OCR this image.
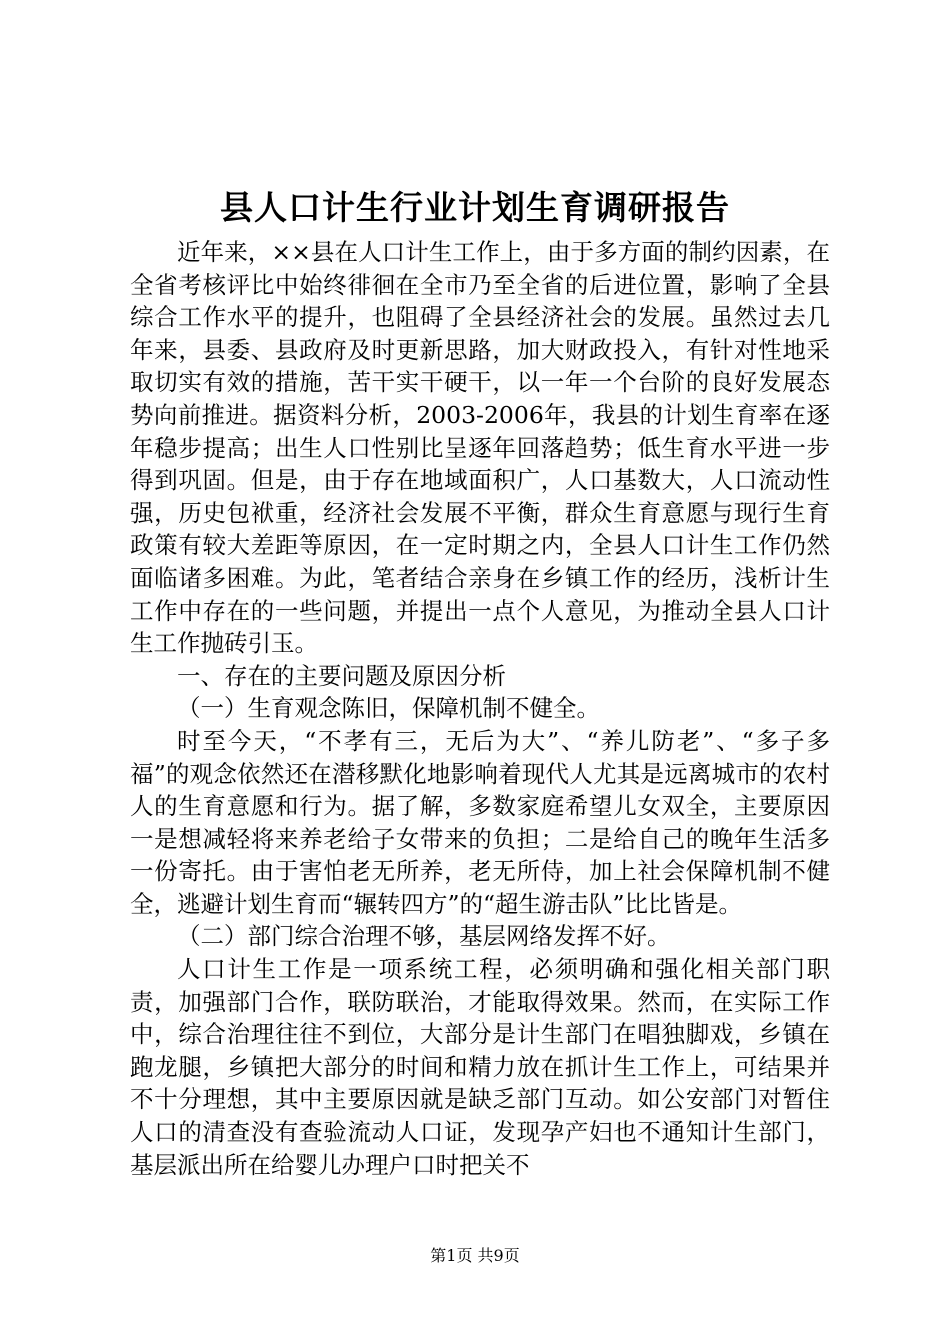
县人口计生行业计划生育调研报告

近年来，××县在人口计生工作上，由于多方面的制约因素，在全省考核评比中始终徘徊在全市乃至全省的后进位置，影响了全县综合工作水平的提升，也阻碍了全县经济社会的发展。虽然过去几年来，县委、县政府及时更新思路，加大财政投入，有针对性地采取切实有效的措施，苦干实干硬干，以一年一个台阶的良好发展态势向前推进。据资料分析，2003-2006年，我县的计划生育率在逐年稳步提高；出生人口性别比呈逐年回落趋势；低生育水平进一步得到巩固。但是，由于存在地域面积广，人口基数大，人口流动性强，历史包袱重，经济社会发展不平衡，群众生育意愿与现行生育政策有较大差距等原因，在一定时期之内，全县人口计生工作仍然面临诸多困难。为此，笔者结合亲身在乡镇工作的经历，浅析计生工作中存在的一些问题，并提出一点个人意见，为推动全县人口计生工作抛砖引玉。

一、存在的主要问题及原因分析

（一）生育观念陈旧，保障机制不健全。

时至今天，“不孝有三，无后为大”、“养儿防老”、“多子多福”的观念依然还在潜移默化地影响着现代人尤其是远离城市的农村人的生育意愿和行为。据了解，多数家庭希望儿女双全，主要原因一是想减轻将来养老给子女带来的负担；二是给自己的晚年生活多一份寄托。由于害怕老无所养，老无所侍，加上社会保障机制不健全，逃避计划生育而“辗转四方”的“超生游击队”比比皆是。

（二）部门综合治理不够，基层网络发挥不好。

人口计生工作是一项系统工程，必须明确和强化相关部门职责，加强部门合作，联防联治，才能取得效果。然而，在实际工作中，综合治理往往不到位，大部分是计生部门在唱独脚戏，乡镇在跑龙腿，乡镇把大部分的时间和精力放在抓计生工作上，可结果并不十分理想，其中主要原因就是缺乏部门互动。如公安部门对暂住人口的清查没有查验流动人口证，发现孕产妇也不通知计生部门，基层派出所在给婴儿办理户口时把关不

第1页 共9页
